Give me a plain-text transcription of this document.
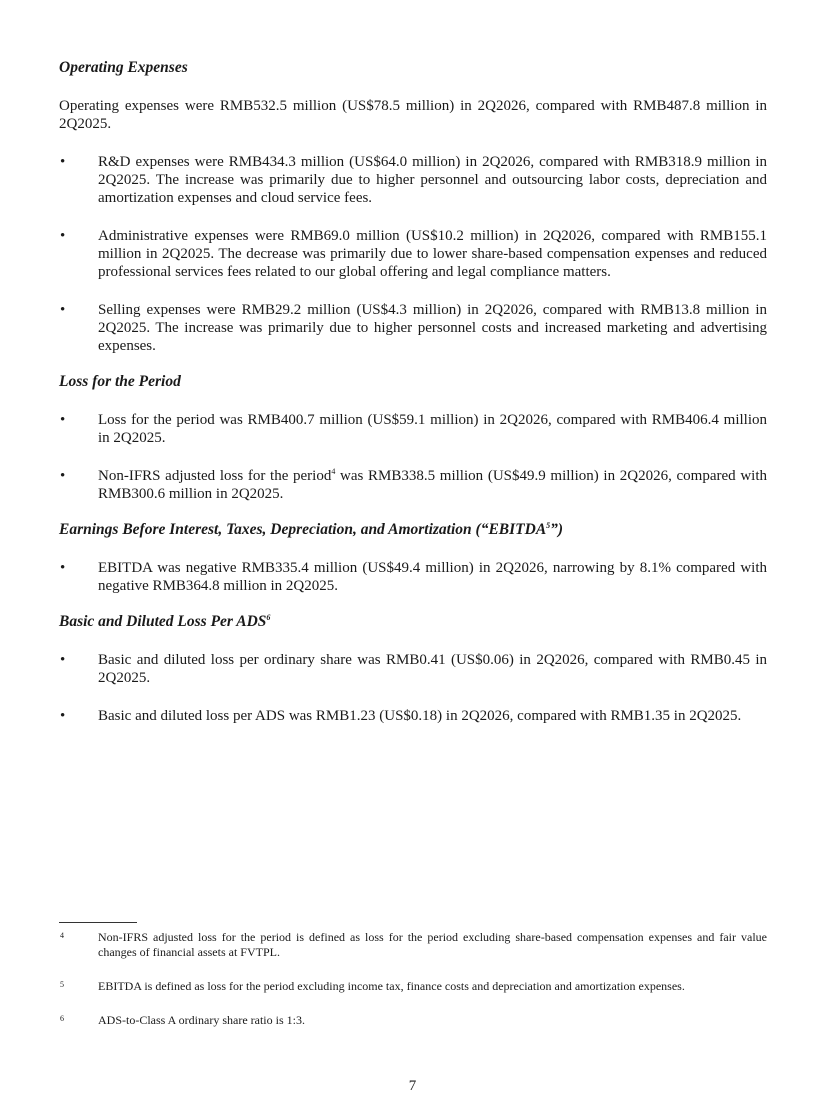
Operating Expenses

Operating expenses were RMB532.5 million (US$78.5 million) in 2Q2026, compared with RMB487.8 million in 2Q2025.

• R&D expenses were RMB434.3 million (US$64.0 million) in 2Q2026, compared with RMB318.9 million in 2Q2025. The increase was primarily due to higher personnel and outsourcing labor costs, depreciation and amortization expenses and cloud service fees.
• Administrative expenses were RMB69.0 million (US$10.2 million) in 2Q2026, compared with RMB155.1 million in 2Q2025. The decrease was primarily due to lower share-based compensation expenses and reduced professional services fees related to our global offering and legal compliance matters.
• Selling expenses were RMB29.2 million (US$4.3 million) in 2Q2026, compared with RMB13.8 million in 2Q2025. The increase was primarily due to higher personnel costs and increased marketing and advertising expenses.
Loss for the Period
• Loss for the period was RMB400.7 million (US$59.1 million) in 2Q2026, compared with RMB406.4 million in 2Q2025.
• Non-IFRS adjusted loss for the period$^4$ was RMB338.5 million (US$49.9 million) in 2Q2026, compared with RMB300.6 million in 2Q2025.
Earnings Before Interest, Taxes, Depreciation, and Amortization (“EBITDA$^5$”)
• EBITDA was negative RMB335.4 million (US$49.4 million) in 2Q2026, narrowing by 8.1% compared with negative RMB364.8 million in 2Q2025.
Basic and Diluted Loss Per ADS$^6$
• Basic and diluted loss per ordinary share was RMB0.41 (US$0.06) in 2Q2026, compared with RMB0.45 in 2Q2025.
• Basic and diluted loss per ADS was RMB1.23 (US$0.18) in 2Q2026, compared with RMB1.35 in 2Q2025.
4	Non-IFRS adjusted loss for the period is defined as loss for the period excluding share-based compensation expenses and fair value changes of financial assets at FVTPL.
5	EBITDA is defined as loss for the period excluding income tax, finance costs and depreciation and amortization expenses.
6	ADS-to-Class A ordinary share ratio is 1:3.
7
